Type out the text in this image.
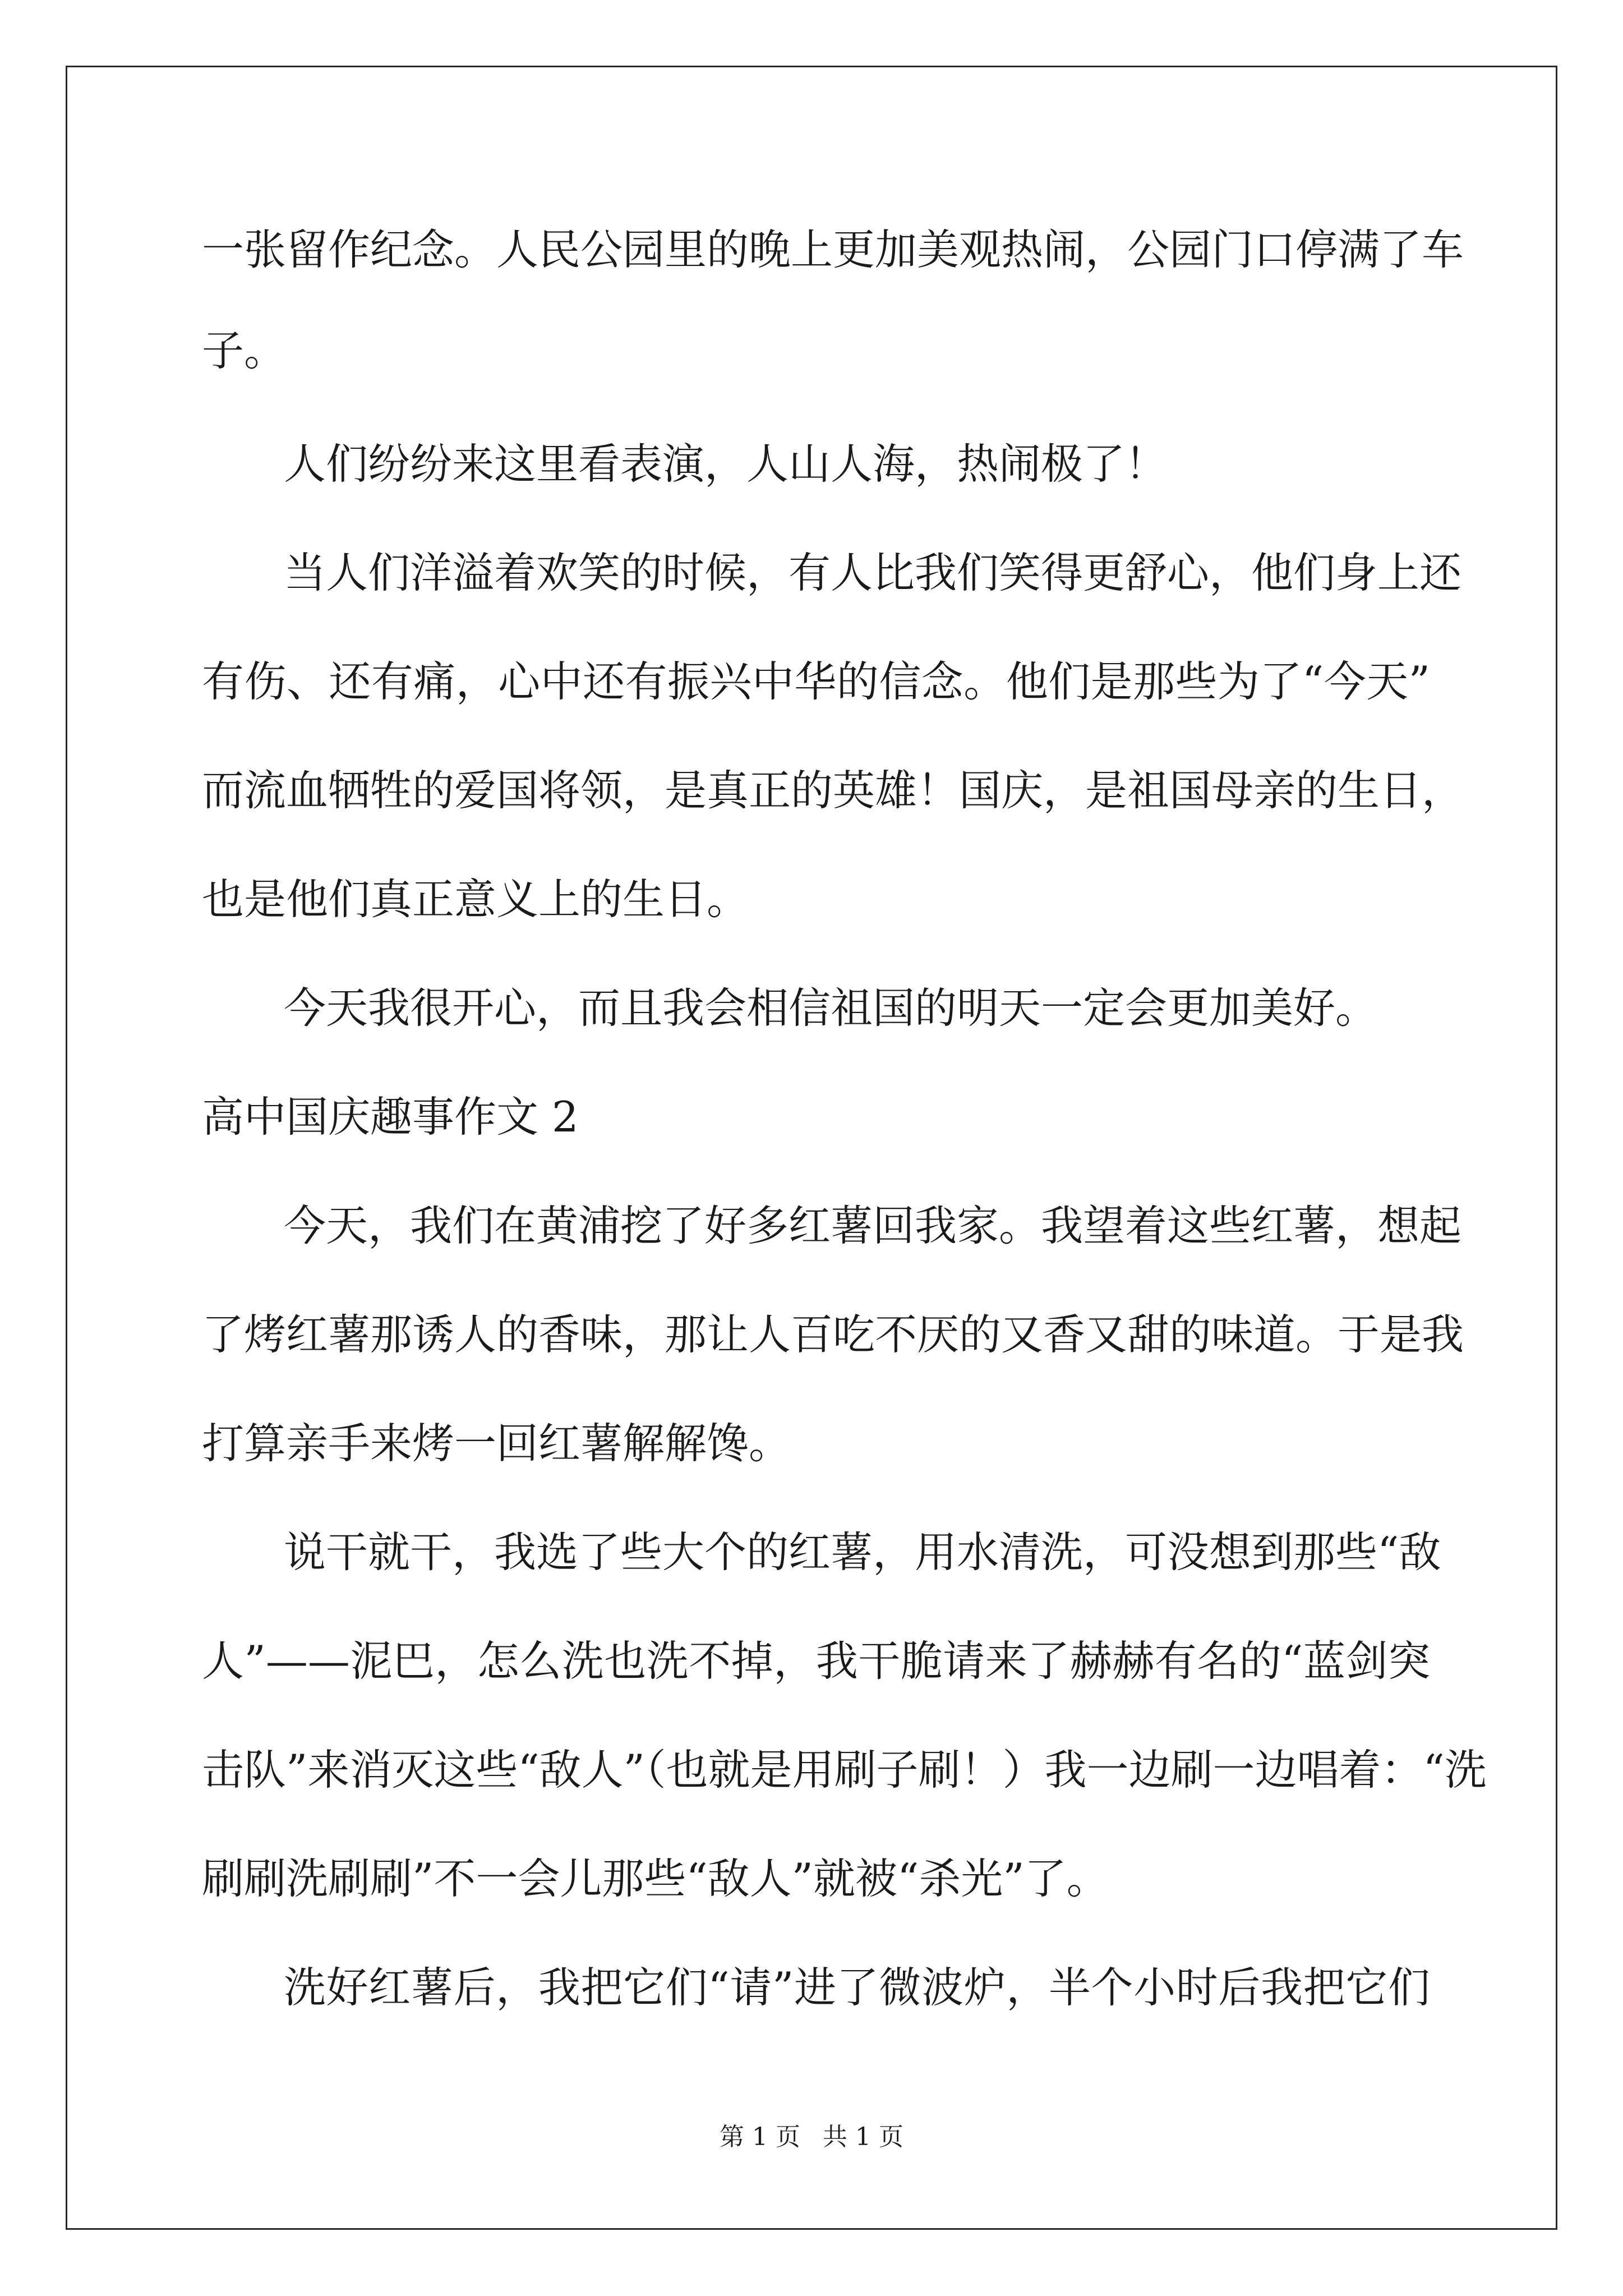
一张留作纪念。人民公园里的晚上更加美观热闹，公园门口停满了车
子。
人们纷纷来这里看表演，人山人海，热闹极了！
当人们洋溢着欢笑的时候，有人比我们笑得更舒心，他们身上还
有伤、还有痛，心中还有振兴中华的信念。他们是那些为了“今天”
而流血牺牲的爱国将领，是真正的英雄！国庆，是祖国母亲的生日，
也是他们真正意义上的生日。
今天我很开心，而且我会相信祖国的明天一定会更加美好。
高中国庆趣事作文 2
今天，我们在黄浦挖了好多红薯回我家。我望着这些红薯，想起
了烤红薯那诱人的香味，那让人百吃不厌的又香又甜的味道。于是我
打算亲手来烤一回红薯解解馋。
说干就干，我选了些大个的红薯，用水清洗，可没想到那些“敌
人”——泥巴，怎么洗也洗不掉，我干脆请来了赫赫有名的“蓝剑突
击队”来消灭这些“敌人”（也就是用刷子刷！）我一边刷一边唱着：“洗
刷刷洗刷刷”不一会儿那些“敌人”就被“杀光”了。
洗好红薯后，我把它们“请”进了微波炉，半个小时后我把它们
第 1 页 共 1 页
